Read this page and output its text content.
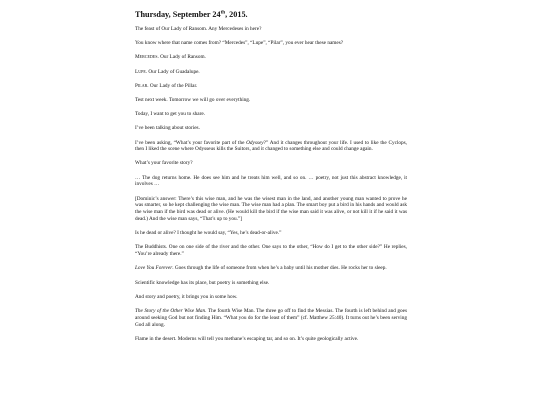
Thursday, September 24th, 2015.
The feast of Our Lady of Ransom. Any Mercedeses in here?
You know where that name comes from? “Mercedes”, “Lupe”, “Pilar”, you ever hear these names?
Mercedes. Our Lady of Ransom.
Lupe. Our Lady of Guadalupe.
Pilar. Our Lady of the Pillar.
Test next week. Tomorrow we will go over everything.
Today, I want to get you to share.
I’ve been talking about stories.
I’ve been asking, “What’s your favorite part of the Odyssey?” And it changes throughout your life. I used to like the Cyclops, then I liked the scene where Odysseus kills the Suitors, and it changed to something else and could change again.
What’s your favorite story?
… The dog returns home. He does see him and he treats him well, and so on. … poetry, not just this abstract knowledge, it involves …
[Dominic’s answer: There’s this wise man, and he was the wisest man in the land, and another young man wanted to prove he was smarter, so he kept challenging the wise man. The wise man had a plan. The smart boy put a bird in his hands and would ask the wise man if the bird was dead or alive. (He would kill the bird if the wise man said it was alive, or not kill it if he said it was dead.) And the wise man says, “That’s up to you.”]
Is he dead or alive? I thought he would say, “Yes, he’s dead-or-alive.”
The Buddhists. One on one side of the river and the other. One says to the other, “How do I get to the other side?” He replies, “You’re already there.”
Love You Forever. Goes through the life of someone from when he’s a baby until his mother dies. He rocks her to sleep.
Scientific knowledge has its place, but poetry is something else.
And story and poetry, it brings you in some how.
The Story of the Other Wise Man. The fourth Wise Man. The three go off to find the Messias. The fourth is left behind and goes around seeking God but not finding Him. “What you do for the least of them” (cf. Matthew 25:40). It turns out he’s been serving God all along.
Flame in the desert. Moderns will tell you methane’s escaping tar, and so on. It’s quite geologically active.
